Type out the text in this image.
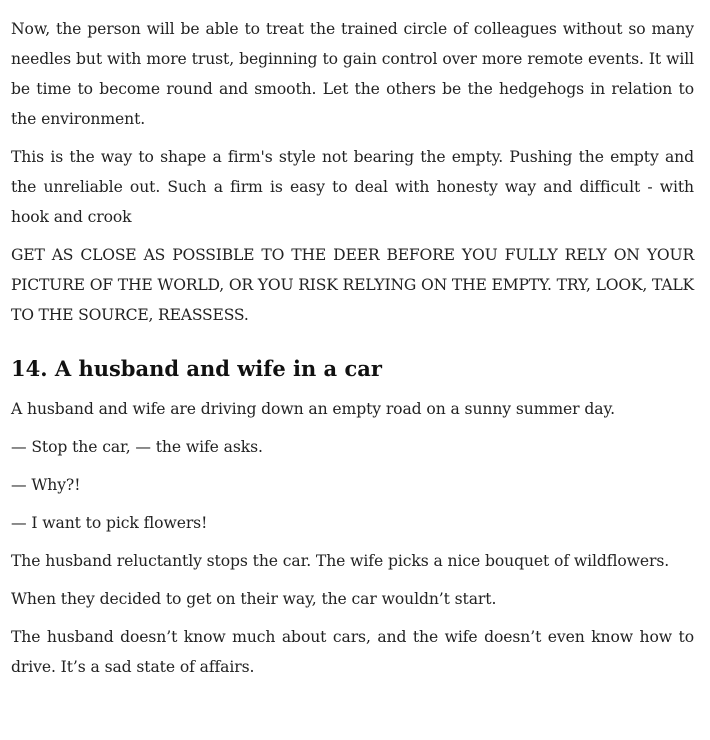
Now, the person will be able to treat the trained circle of colleagues without so many needles but with more trust, beginning to gain control over more remote events. It will be time to become round and smooth. Let the others be the hedgehogs in relation to the environment.

This is the way to shape a firm's style not bearing the empty. Pushing the empty and the unreliable out. Such a firm is easy to deal with honesty way and difficult - with hook and crook

GET AS CLOSE AS POSSIBLE TO THE DEER BEFORE YOU FULLY RELY ON YOUR PICTURE OF THE WORLD, OR YOU RISK RELYING ON THE EMPTY. TRY, LOOK, TALK TO THE SOURCE, REASSESS.

14. A husband and wife in a car

A husband and wife are driving down an empty road on a sunny summer day.

— Stop the car, — the wife asks.

— Why?!

— I want to pick flowers!

The husband reluctantly stops the car. The wife picks a nice bouquet of wildflowers.

When they decided to get on their way, the car wouldn’t start.

The husband doesn’t know much about cars, and the wife doesn’t even know how to drive. It’s a sad state of affairs.
